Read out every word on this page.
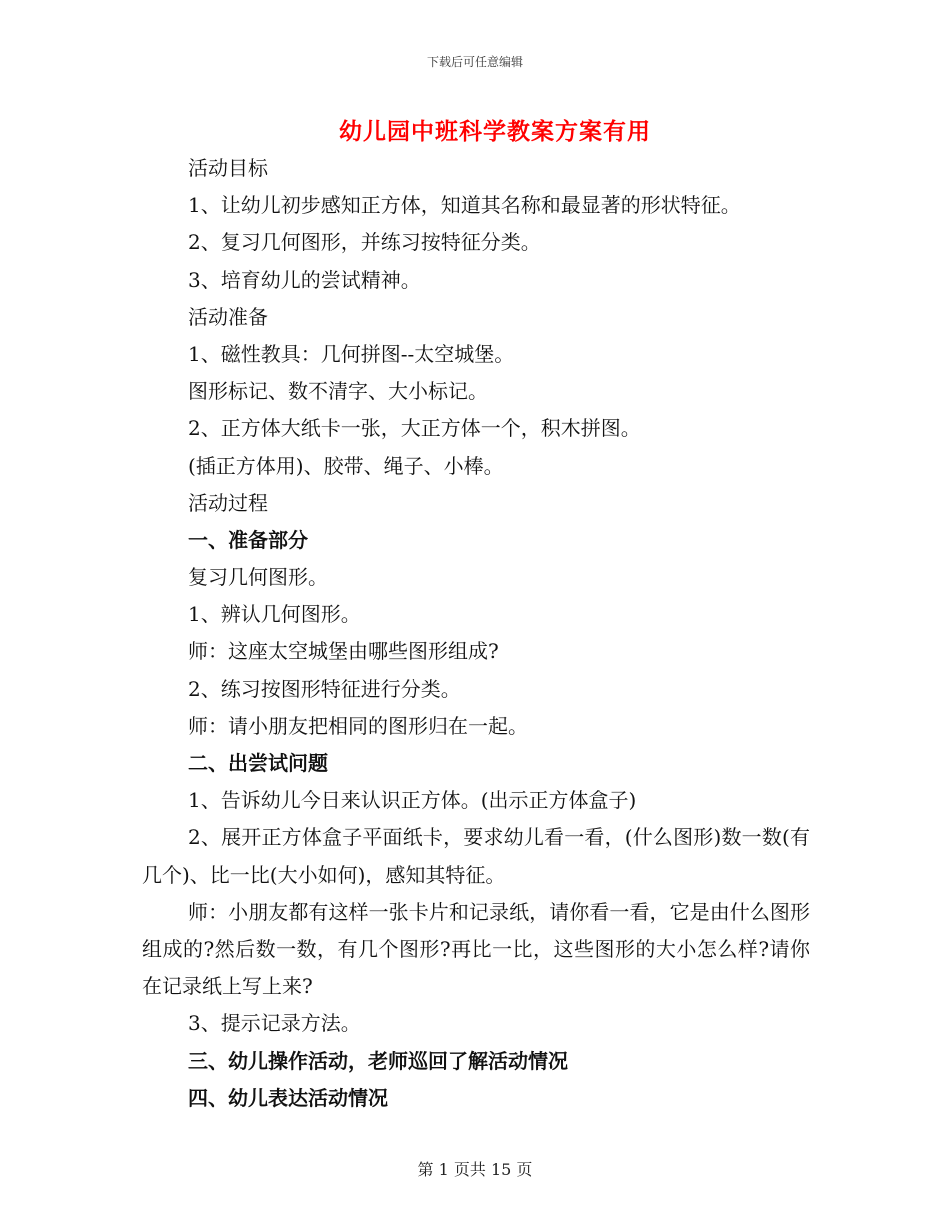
下载后可任意编辑
幼儿园中班科学教案方案有用
活动目标
1、让幼儿初步感知正方体，知道其名称和最显著的形状特征。
2、复习几何图形，并练习按特征分类。
3、培育幼儿的尝试精神。
活动准备
1、磁性教具：几何拼图--太空城堡。
图形标记、数不清字、大小标记。
2、正方体大纸卡一张，大正方体一个，积木拼图。
(插正方体用)、胶带、绳子、小棒。
活动过程
一、准备部分
复习几何图形。
1、辨认几何图形。
师：这座太空城堡由哪些图形组成?
2、练习按图形特征进行分类。
师：请小朋友把相同的图形归在一起。
二、出尝试问题
1、告诉幼儿今日来认识正方体。(出示正方体盒子)

2、展开正方体盒子平面纸卡，要求幼儿看一看，(什么图形)数一数(有几个)、比一比(大小如何)，感知其特征。

师：小朋友都有这样一张卡片和记录纸，请你看一看，它是由什么图形组成的?然后数一数，有几个图形?再比一比，这些图形的大小怎么样?请你在记录纸上写上来?

3、提示记录方法。
三、幼儿操作活动，老师巡回了解活动情况
四、幼儿表达活动情况
第 1 页共 15 页
